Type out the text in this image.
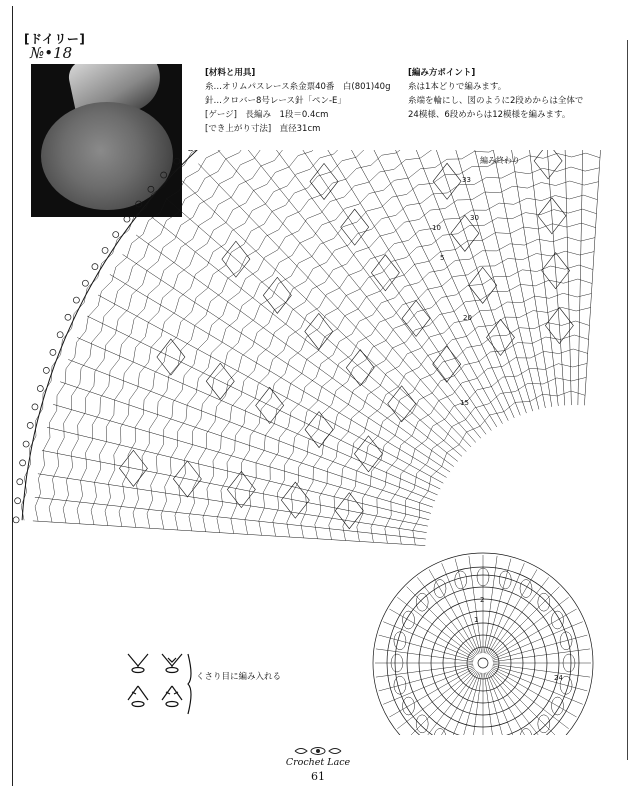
[ドイリー]
№•18
[材料と用具]
糸…オリムパスレース糸金票40番　白(801)40g
針…クロバー8号レース針「ペン-E」
[ゲージ]　長編み　1段＝0.4cm
[でき上がり寸法]　直径31cm
[編み方ポイント]
糸は1本どりで編みます。
糸端を輪にし、図のように2段めからは全体で
24模様、6段めからは12模様を編みます。
5
10
15
20
24
30
33
2
1
編み終わり
くさり目に編み入れる
Crochet Lace
61
